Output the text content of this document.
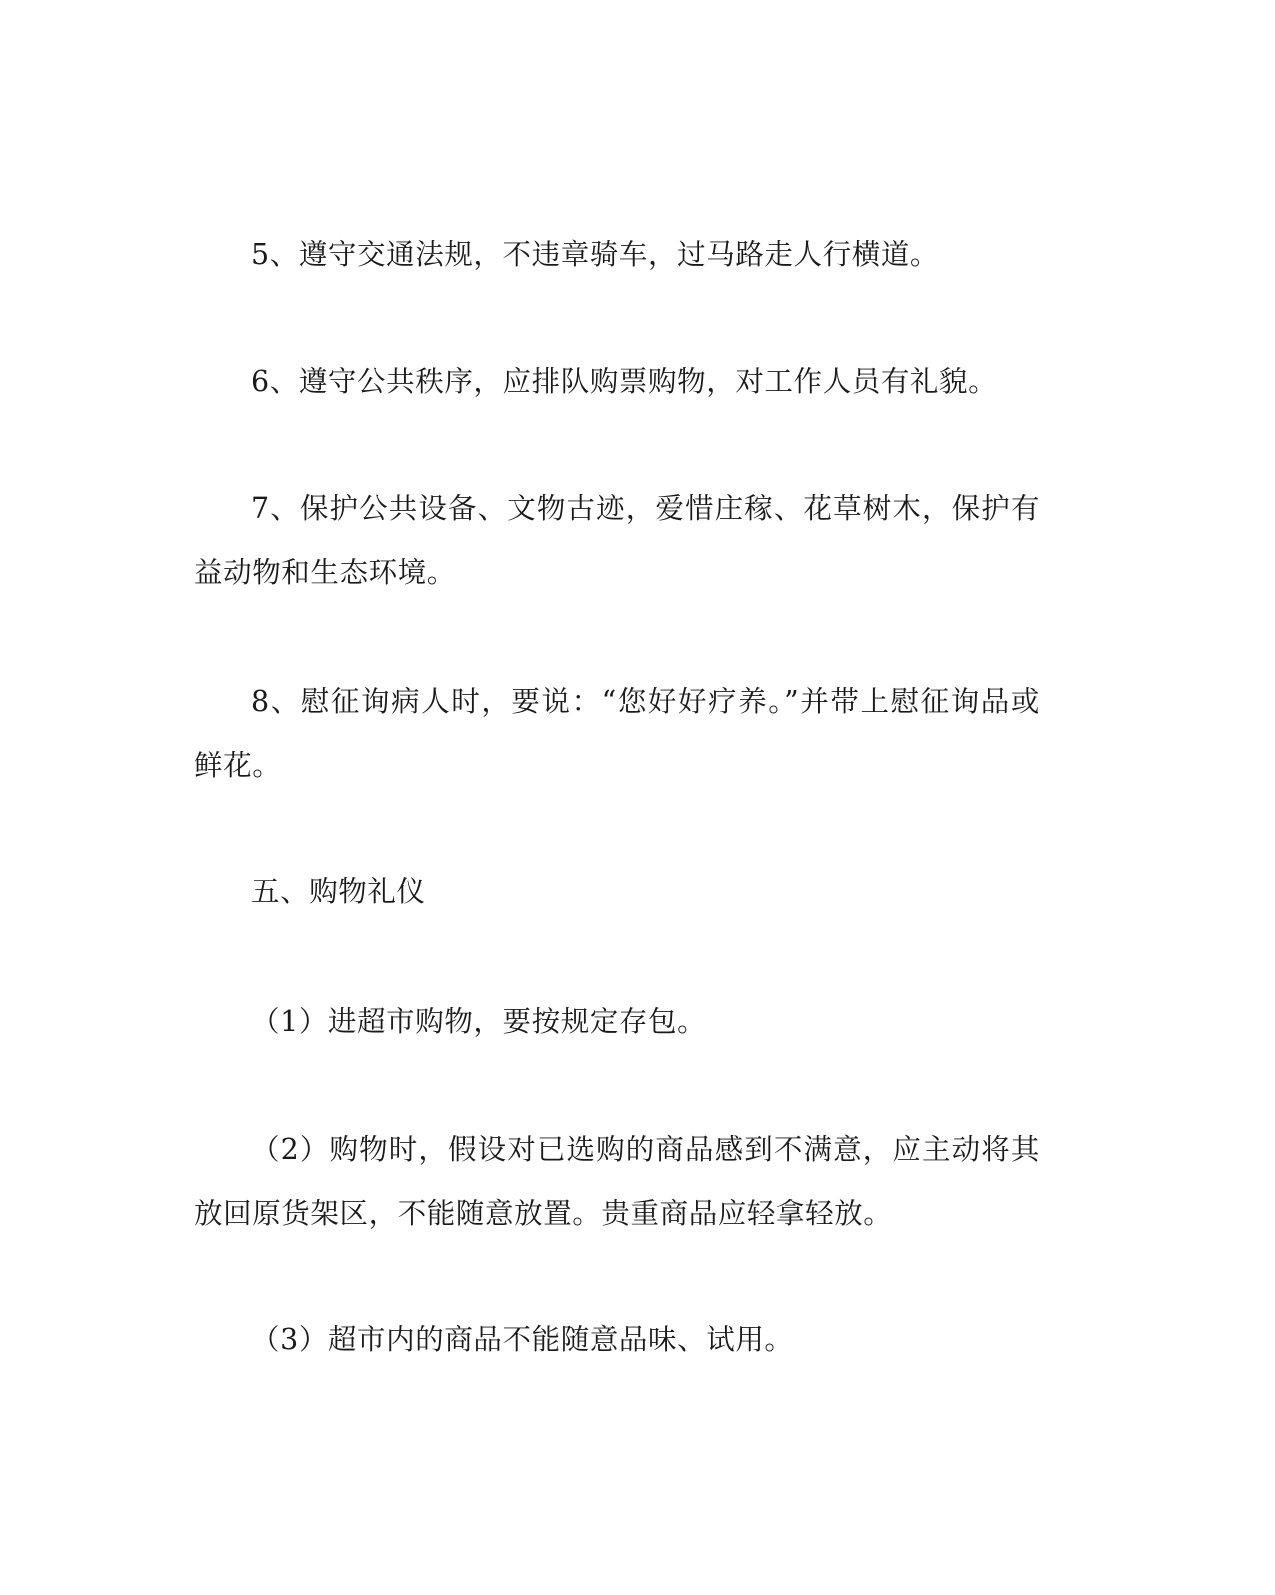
5、遵守交通法规，不违章骑车，过马路走人行横道。

6、遵守公共秩序，应排队购票购物，对工作人员有礼貌。

7、保护公共设备、文物古迹，爱惜庄稼、花草树木，保护有益动物和生态环境。

8、慰征询病人时，要说：“您好好疗养。”并带上慰征询品或鲜花。

五、购物礼仪

（1）进超市购物，要按规定存包。

（2）购物时，假设对已选购的商品感到不满意，应主动将其放回原货架区，不能随意放置。贵重商品应轻拿轻放。

（3）超市内的商品不能随意品味、试用。
